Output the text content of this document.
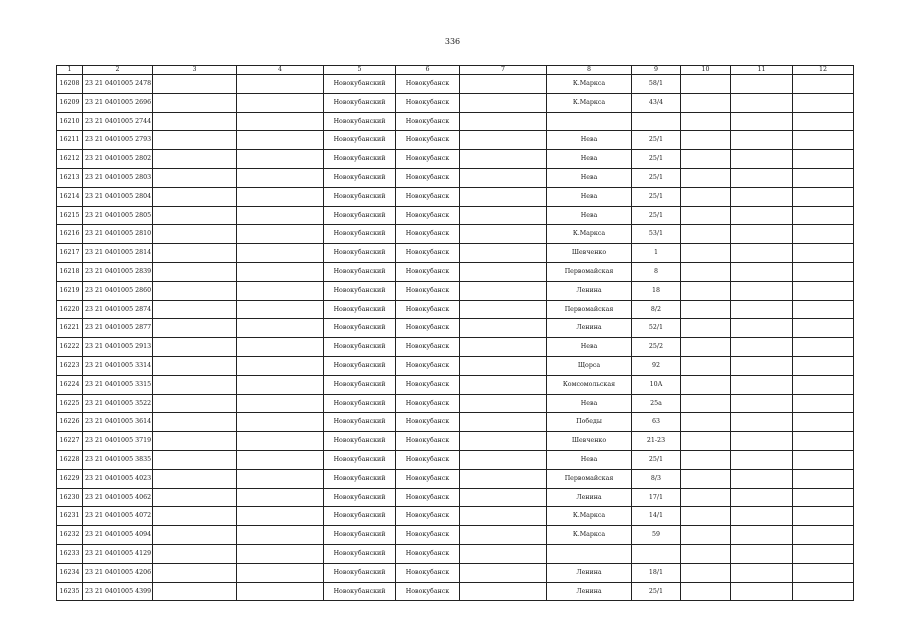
336
1	2	3	4	5	6	7	8	9	10	11	12
16208	23 21 0401005 2478			Новокубанский	Новокубанск		К.Маркса	58/1			
16209	23 21 0401005 2696			Новокубанский	Новокубанск		К.Маркса	43/4			
16210	23 21 0401005 2744			Новокубанский	Новокубанск						
16211	23 21 0401005 2793			Новокубанский	Новокубанск		Нева	25/1			
16212	23 21 0401005 2802			Новокубанский	Новокубанск		Нева	25/1			
16213	23 21 0401005 2803			Новокубанский	Новокубанск		Нева	25/1			
16214	23 21 0401005 2804			Новокубанский	Новокубанск		Нева	25/1			
16215	23 21 0401005 2805			Новокубанский	Новокубанск		Нева	25/1			
16216	23 21 0401005 2810			Новокубанский	Новокубанск		К.Маркса	53/1			
16217	23 21 0401005 2814			Новокубанский	Новокубанск		Шевченко	1			
16218	23 21 0401005 2839			Новокубанский	Новокубанск		Первомайская	8			
16219	23 21 0401005 2860			Новокубанский	Новокубанск		Ленина	18			
16220	23 21 0401005 2874			Новокубанский	Новокубанск		Первомайская	8/2			
16221	23 21 0401005 2877			Новокубанский	Новокубанск		Ленина	52/1			
16222	23 21 0401005 2913			Новокубанский	Новокубанск		Нева	25/2			
16223	23 21 0401005 3314			Новокубанский	Новокубанск		Щорса	92			
16224	23 21 0401005 3315			Новокубанский	Новокубанск		Комсомольская	10А			
16225	23 21 0401005 3522			Новокубанский	Новокубанск		Нева	25а			
16226	23 21 0401005 3614			Новокубанский	Новокубанск		Победы	63			
16227	23 21 0401005 3719			Новокубанский	Новокубанск		Шевченко	21-23			
16228	23 21 0401005 3835			Новокубанский	Новокубанск		Нева	25/1			
16229	23 21 0401005 4023			Новокубанский	Новокубанск		Первомайская	8/3			
16230	23 21 0401005 4062			Новокубанский	Новокубанск		Ленина	17/1			
16231	23 21 0401005 4072			Новокубанский	Новокубанск		К.Маркса	14/1			
16232	23 21 0401005 4094			Новокубанский	Новокубанск		К.Маркса	59			
16233	23 21 0401005 4129			Новокубанский	Новокубанск						
16234	23 21 0401005 4206			Новокубанский	Новокубанск		Ленина	18/1			
16235	23 21 0401005 4399			Новокубанский	Новокубанск		Ленина	25/1			
